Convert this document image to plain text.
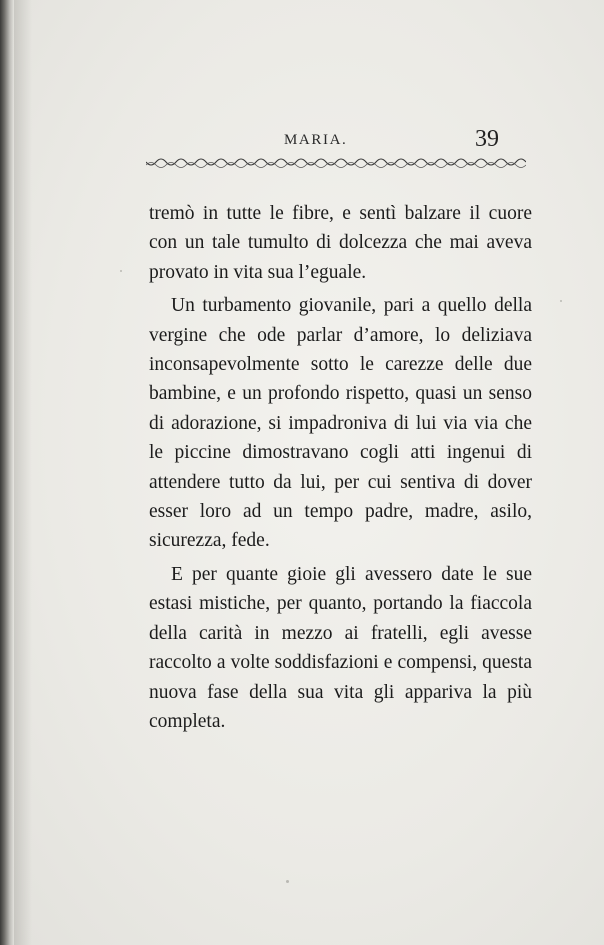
MARIA.	39

tremò in tutte le fibre, e sentì balzare il cuore con un tale tumulto di dolcezza che mai aveva provato in vita sua l’eguale.

Un turbamento giovanile, pari a quello della vergine che ode parlar d’amore, lo deliziava inconsapevolmente sotto le carezze delle due bambine, e un profondo rispetto, quasi un senso di adorazione, si impadroniva di lui via via che le piccine dimostravano cogli atti ingenui di attendere tutto da lui, per cui sentiva di dover esser loro ad un tempo padre, madre, asilo, sicurezza, fede.

E per quante gioie gli avessero date le sue estasi mistiche, per quanto, portando la fiaccola della carità in mezzo ai fratelli, egli avesse raccolto a volte soddisfazioni e compensi, questa nuova fase della sua vita gli appariva la più completa.
